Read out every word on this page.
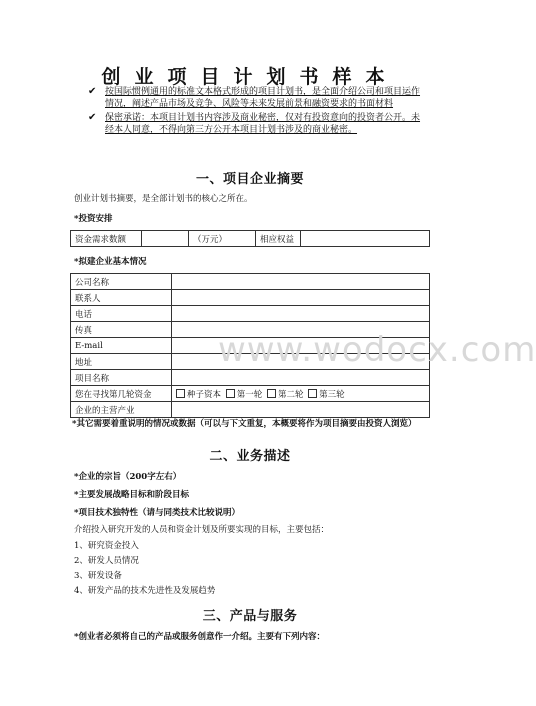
创业项目计划书样本
✔ 按国际惯例通用的标准文本格式形成的项目计划书，是全面介绍公司和项目运作情况，阐述产品市场及竞争、风险等未来发展前景和融资要求的书面材料
✔ 保密承诺：本项目计划书内容涉及商业秘密，仅对有投资意向的投资者公开。未经本人同意，不得向第三方公开本项目计划书涉及的商业秘密。
一、项目企业摘要
创业计划书摘要，是全部计划书的核心之所在。
*投资安排
资金需求数额		（万元）	相应权益	
*拟建企业基本情况
公司名称	
联系人	
电话	
传真	
E-mail	
地址	
项目名称	
您在寻找第几轮资金	种子资本 第一轮 第二轮 第三轮
企业的主营产业	
*其它需要着重说明的情况或数据（可以与下文重复，本概要将作为项目摘要由投资人浏览）
二、业务描述
*企业的宗旨（200字左右）
*主要发展战略目标和阶段目标
*项目技术独特性（请与同类技术比较说明）
介绍投入研究开发的人员和资金计划及所要实现的目标，主要包括：
1、研究资金投入
2、研发人员情况
3、研发设备
4、研发产品的技术先进性及发展趋势
三、产品与服务
*创业者必须将自己的产品或服务创意作一介绍。主要有下列内容：
www.wodocx.com
